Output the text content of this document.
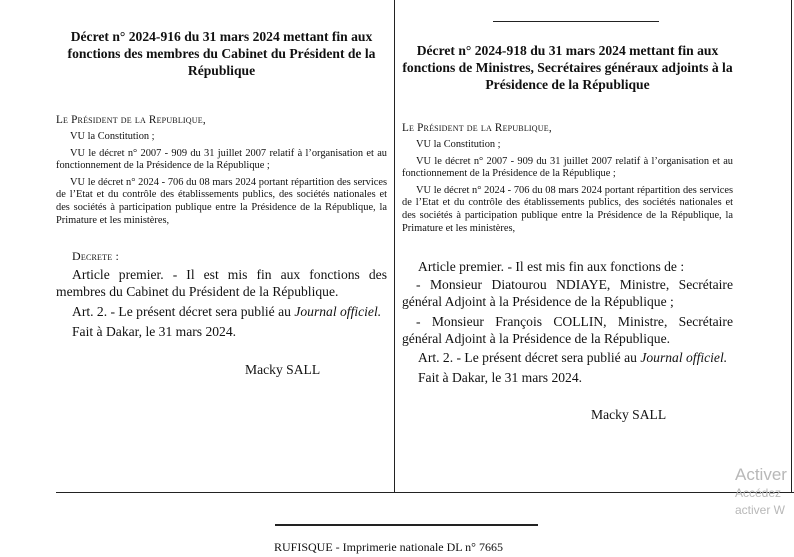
Décret n° 2024-916 du 31 mars 2024 mettant fin aux fonctions des membres du Cabinet du Président de la République

Le Président de la Republique,

VU la Constitution ;

VU le décret n° 2007 - 909 du 31 juillet 2007 relatif à l’organisation et au fonctionnement de la Présidence de la République ;

VU le décret n° 2024 - 706 du 08 mars 2024 portant répartition des services de l’Etat et du contrôle des établissements publics, des sociétés nationales et des sociétés à participation publique entre la Présidence de la République, la Primature et les ministères,

Decrete :

Article premier. - Il est mis fin aux fonctions des membres du Cabinet du Président de la République.

Art. 2. - Le présent décret sera publié au Journal officiel.

Fait à Dakar, le 31 mars 2024.

Macky SALL

Décret n° 2024-918 du 31 mars 2024 mettant fin aux fonctions de Ministres, Secrétaires généraux adjoints à la Présidence de la République

Le Président de la Republique,

VU la Constitution ;

VU le décret n° 2007 - 909 du 31 juillet 2007 relatif à l’organisation et au fonctionnement de la Présidence de la République ;

VU le décret n° 2024 - 706 du 08 mars 2024 portant répartition des services de l’Etat et du contrôle des établissements publics, des sociétés nationales et des sociétés à participation publique entre la Présidence de la République, la Primature et les ministères,

Article premier. - Il est mis fin aux fonctions de :

- Monsieur Diatourou NDIAYE, Ministre, Secrétaire général Adjoint à la Présidence de la République ;

- Monsieur François COLLIN, Ministre, Secrétaire général Adjoint à la Présidence de la République.

Art. 2. - Le présent décret sera publié au Journal officiel.

Fait à Dakar, le 31 mars 2024.

Macky SALL

RUFISQUE - Imprimerie nationale DL n° 7665
Activer
Accédez
activer W
